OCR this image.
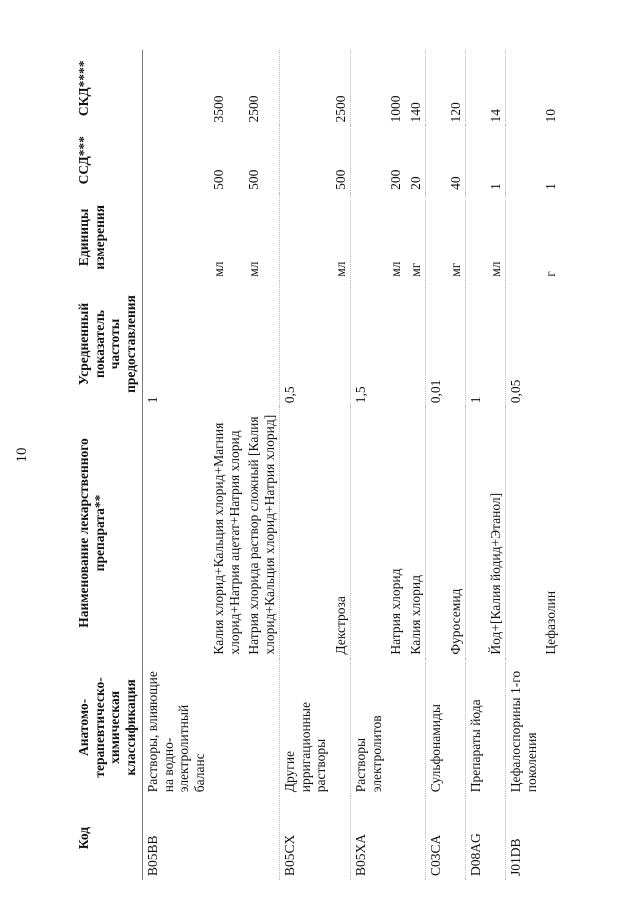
10
Код	Анатомо-терапевтическо-химическая классификация	Наименование лекарственного препарата**	Усредненный показатель частоты предоставления	Единицы измерения	ССД***	СКД****
B05BB	Растворы, влияющие на водно-электролитный баланс		1			
		Калия хлорид+Кальция хлорид+Магния хлорид+Натрия ацетат+Натрия хлорид		мл	500	3500
		Натрия хлорида раствор сложный [Калия хлорид+Кальция хлорид+Натрия хлорид]		мл	500	2500
B05CX	Другие ирригационные растворы		0,5			
		Декстроза		мл	500	2500
B05XA	Растворы электролитов		1,5			
		Натрия хлорид		мл	200	1000
		Калия хлорид		мг	20	140
C03CA	Сульфонамиды		0,01			
		Фуросемид		мг	40	120
D08AG	Препараты йода		1			
		Йод+[Калия йодид+Этанол]		мл	1	14
J01DB	Цефалоспорины 1-го поколения		0,05			
		Цефазолин		г	1	10
